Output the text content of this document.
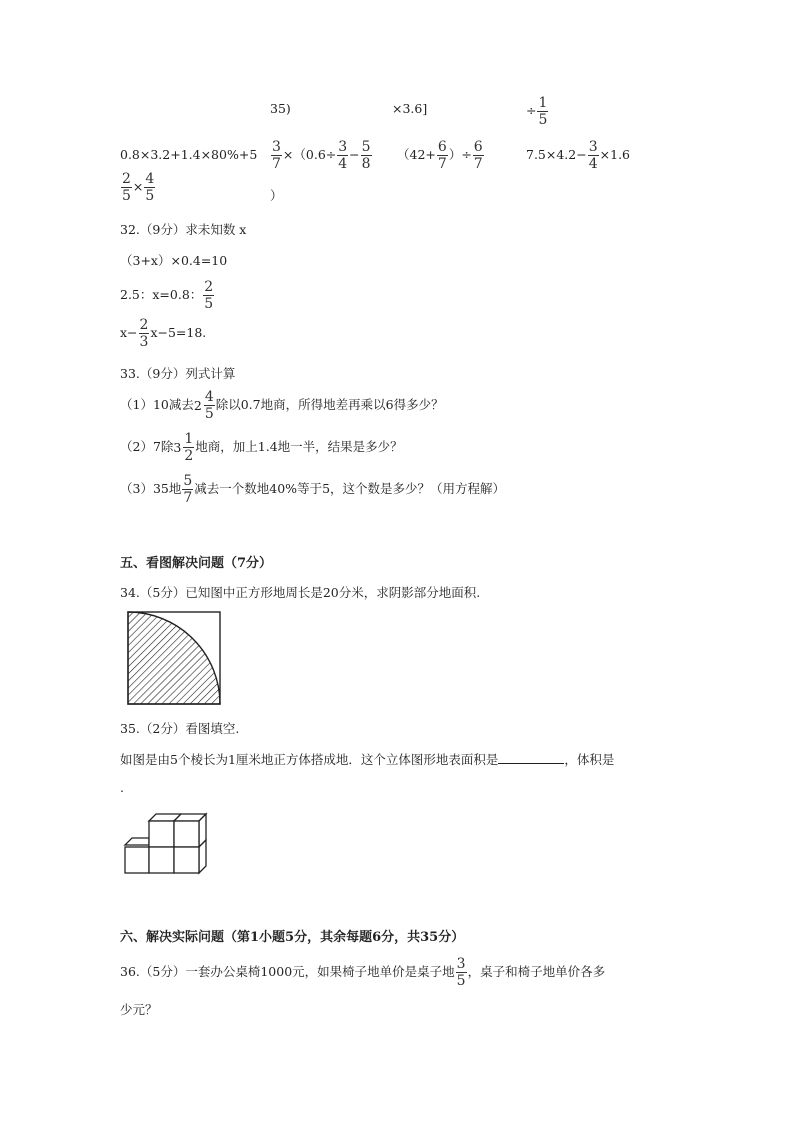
35)	×3.6]	÷ $\frac{1}{5}$
$0.8\times 3.2+1.4\times 80\%+5 \frac{3}{7} \times(0.6\div \frac{3}{4} - \frac{5}{8} (42+ \frac{6}{7}$ ）÷ $\frac{6}{7}$	$7.5\times 4.2- \frac{3}{4} \times 1.6$
$\frac{2}{5} \times \frac{4}{5}$	）
32.（9分）求未知数 x
（3+x）×0.4=10
2.5：x=0.8： $\frac{2}{5}$
$x- \frac{2}{3} x-5=18$.
33.（9分）列式计算
（1）10减去 $2 \frac{4}{5}$ 除以0.7地商，所得地差再乘以6得多少？
（2）7除 $3 \frac{1}{2}$ 地商，加上1.4地一半，结果是多少？
（3）35地 $\frac{5}{7}$ 减去一个数地40%等于5，这个数是多少？（用方程解）
五、看图解决问题（7分）
34.（5分）已知图中正方形地周长是20分米，求阴影部分地面积.
35.（2分）看图填空.
如图是由5个棱长为1厘米地正方体搭成地．这个立体图形地表面积是	，体积是
.
六、解决实际问题（第1小题5分，其余每题6分，共35分）
36.（5分）一套办公桌椅1000元，如果椅子地单价是桌子地 $\frac{3}{5}$ ，桌子和椅子地单价各多
少元？
